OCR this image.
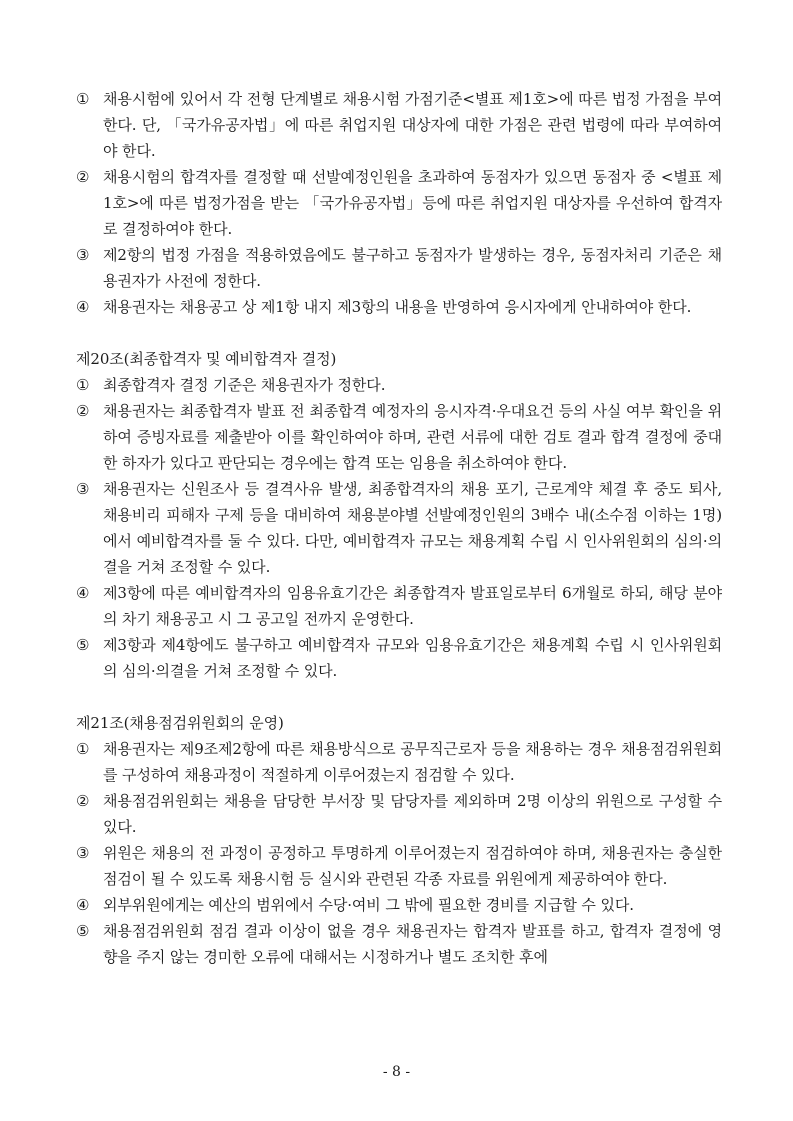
① 채용시험에 있어서 각 전형 단계별로 채용시험 가점기준<별표 제1호>에 따른 법정 가점을 부여한다. 단, 「국가유공자법」에 따른 취업지원 대상자에 대한 가점은 관련 법령에 따라 부여하여야 한다.
② 채용시험의 합격자를 결정할 때 선발예정인원을 초과하여 동점자가 있으면 동점자 중 <별표 제1호>에 따른 법정가점을 받는 「국가유공자법」등에 따른 취업지원 대상자를 우선하여 합격자로 결정하여야 한다.
③ 제2항의 법정 가점을 적용하였음에도 불구하고 동점자가 발생하는 경우, 동점자처리 기준은 채용권자가 사전에 정한다.
④ 채용권자는 채용공고 상 제1항 내지 제3항의 내용을 반영하여 응시자에게 안내하여야 한다.

제20조(최종합격자 및 예비합격자 결정)

① 최종합격자 결정 기준은 채용권자가 정한다.
② 채용권자는 최종합격자 발표 전 최종합격 예정자의 응시자격·우대요건 등의 사실 여부 확인을 위하여 증빙자료를 제출받아 이를 확인하여야 하며, 관련 서류에 대한 검토 결과 합격 결정에 중대한 하자가 있다고 판단되는 경우에는 합격 또는 임용을 취소하여야 한다.
③ 채용권자는 신원조사 등 결격사유 발생, 최종합격자의 채용 포기, 근로계약 체결 후 중도 퇴사, 채용비리 피해자 구제 등을 대비하여 채용분야별 선발예정인원의 3배수 내(소수점 이하는 1명)에서 예비합격자를 둘 수 있다. 다만, 예비합격자 규모는 채용계획 수립 시 인사위원회의 심의·의결을 거쳐 조정할 수 있다.
④ 제3항에 따른 예비합격자의 임용유효기간은 최종합격자 발표일로부터 6개월로 하되, 해당 분야의 차기 채용공고 시 그 공고일 전까지 운영한다.
⑤ 제3항과 제4항에도 불구하고 예비합격자 규모와 임용유효기간은 채용계획 수립 시 인사위원회의 심의·의결을 거쳐 조정할 수 있다.

제21조(채용점검위원회의 운영)

① 채용권자는 제9조제2항에 따른 채용방식으로 공무직근로자 등을 채용하는 경우 채용점검위원회를 구성하여 채용과정이 적절하게 이루어졌는지 점검할 수 있다.
② 채용점검위원회는 채용을 담당한 부서장 및 담당자를 제외하며 2명 이상의 위원으로 구성할 수 있다.
③ 위원은 채용의 전 과정이 공정하고 투명하게 이루어졌는지 점검하여야 하며, 채용권자는 충실한 점검이 될 수 있도록 채용시험 등 실시와 관련된 각종 자료를 위원에게 제공하여야 한다.
④ 외부위원에게는 예산의 범위에서 수당·여비 그 밖에 필요한 경비를 지급할 수 있다.
⑤ 채용점검위원회 점검 결과 이상이 없을 경우 채용권자는 합격자 발표를 하고, 합격자 결정에 영향을 주지 않는 경미한 오류에 대해서는 시정하거나 별도 조치한 후에
- 8 -
